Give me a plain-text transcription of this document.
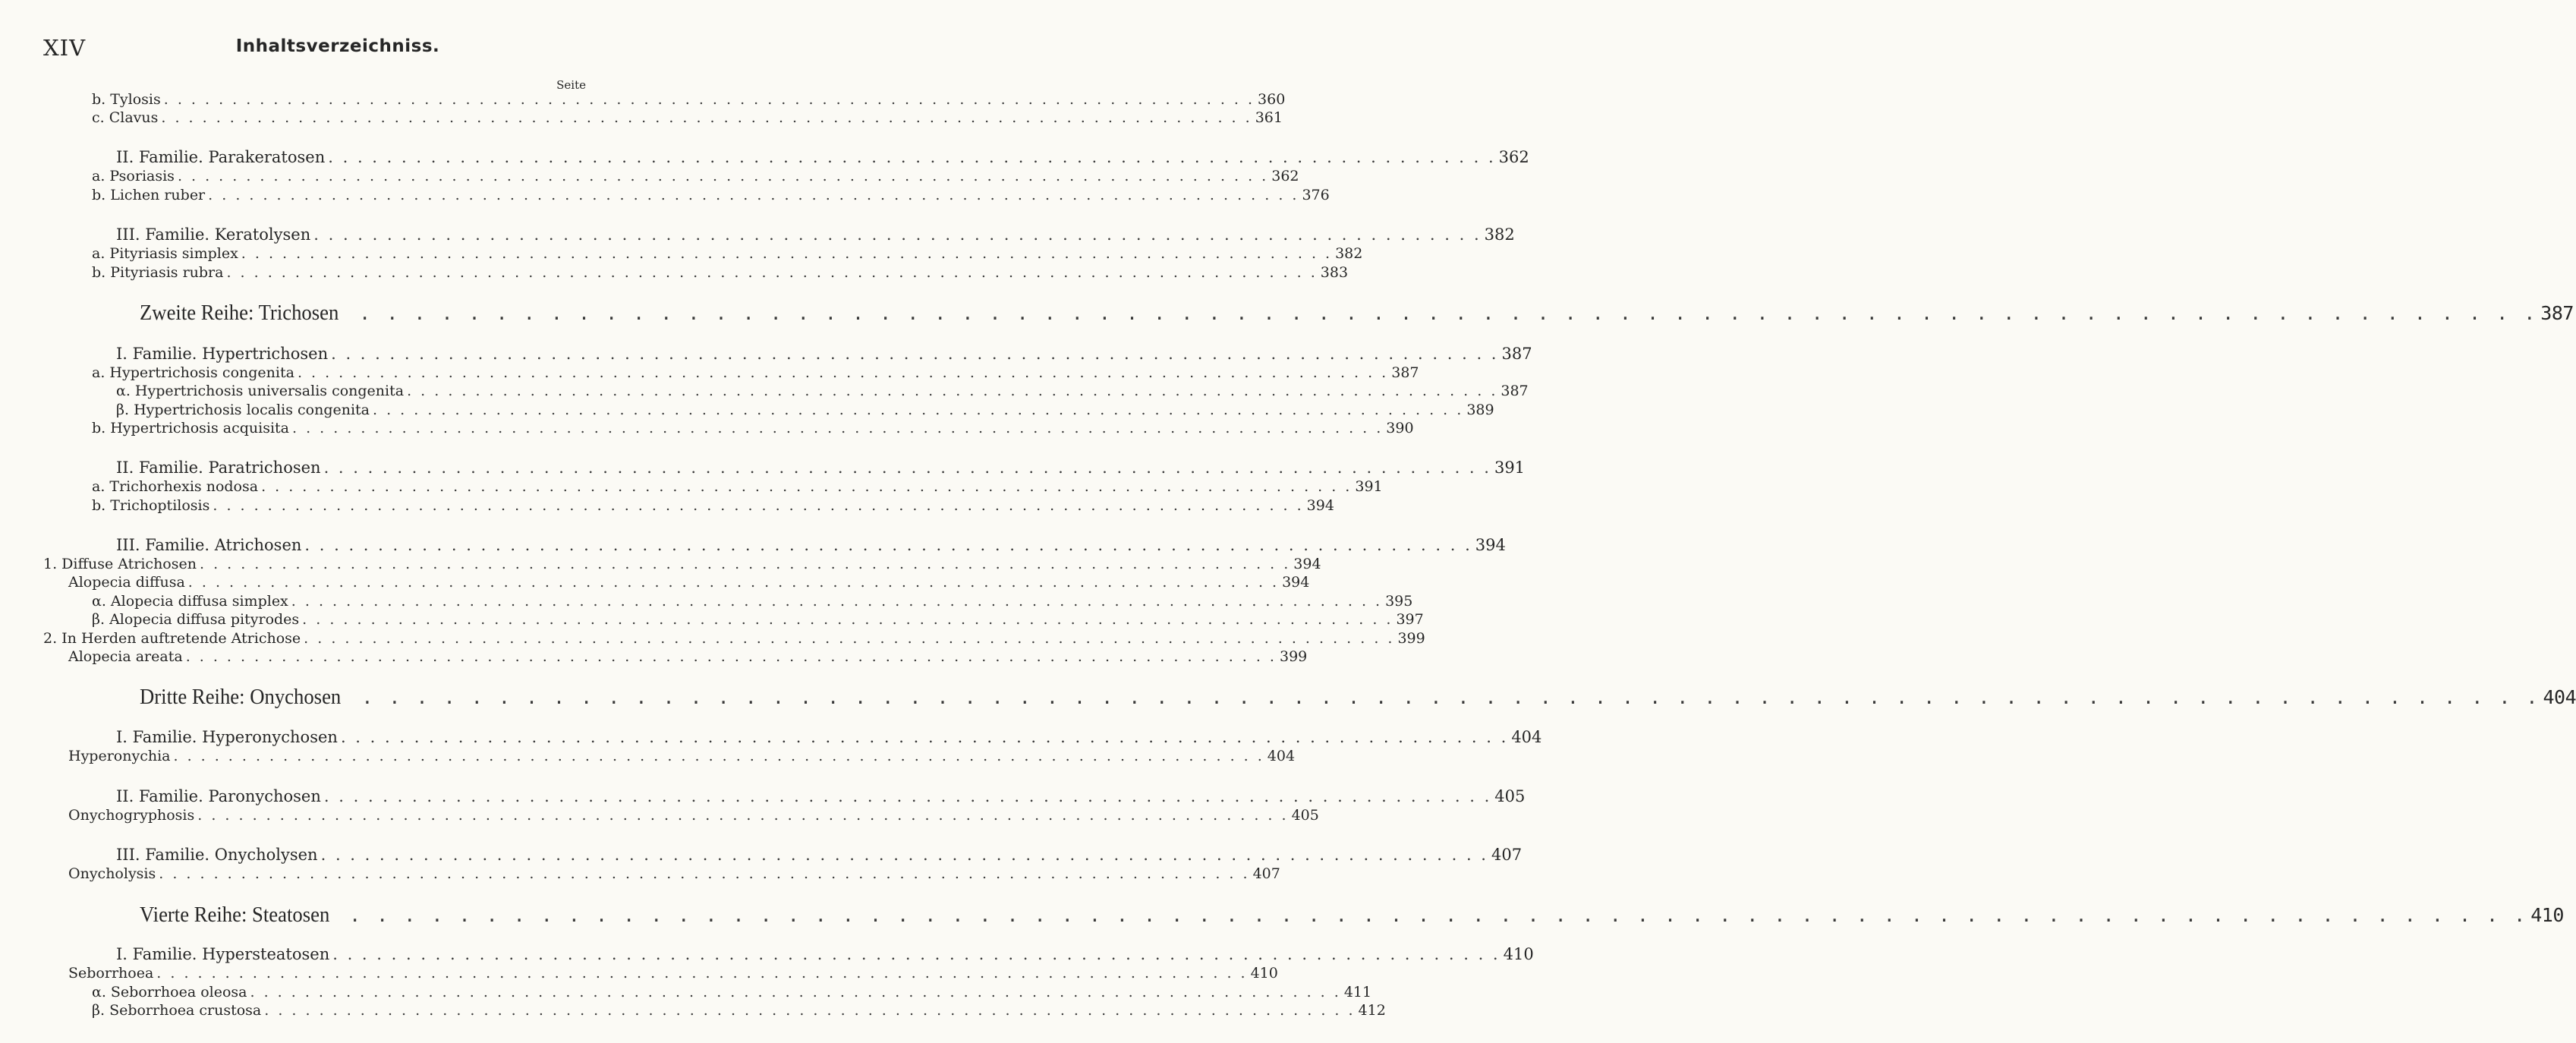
XIV	Inhaltsverzeichniss.
Seite
b. Tylosis . . . . . . . . . . . . . . . . . . . . . . . . . . . . . . . . . . . . . . . . . . . . . . . . . . . . . . . . . . . . . . . . . . . . . . . . . . . . . . . . 360
c. Clavus . . . . . . . . . . . . . . . . . . . . . . . . . . . . . . . . . . . . . . . . . . . . . . . . . . . . . . . . . . . . . . . . . . . . . . . . . . . . . . . . 361
II. Familie. Parakeratosen . . . . . . . . . . . . . . . . . . . . . . . . . . . . . . . . . . . . . . . . . . . . . . . . . . . . . . . . . . . . . . . . . . . . . . . . . . . . . . . . 362
a. Psoriasis . . . . . . . . . . . . . . . . . . . . . . . . . . . . . . . . . . . . . . . . . . . . . . . . . . . . . . . . . . . . . . . . . . . . . . . . . . . . . . . . 362
b. Lichen ruber . . . . . . . . . . . . . . . . . . . . . . . . . . . . . . . . . . . . . . . . . . . . . . . . . . . . . . . . . . . . . . . . . . . . . . . . . . . . . . . . 376
III. Familie. Keratolysen . . . . . . . . . . . . . . . . . . . . . . . . . . . . . . . . . . . . . . . . . . . . . . . . . . . . . . . . . . . . . . . . . . . . . . . . . . . . . . . . 382
a. Pityriasis simplex . . . . . . . . . . . . . . . . . . . . . . . . . . . . . . . . . . . . . . . . . . . . . . . . . . . . . . . . . . . . . . . . . . . . . . . . . . . . . . . . 382
b. Pityriasis rubra . . . . . . . . . . . . . . . . . . . . . . . . . . . . . . . . . . . . . . . . . . . . . . . . . . . . . . . . . . . . . . . . . . . . . . . . . . . . . . . . 383
Zweite Reihe: Trichosen . . . . . . . . . . . . . . . . . . . . . . . . . . . . . . . . . . . . . . . . . . . . . . . . . . . . . . . . . . . . . . . . . . . . . . . . . . . . . . . . 387
I. Familie. Hypertrichosen . . . . . . . . . . . . . . . . . . . . . . . . . . . . . . . . . . . . . . . . . . . . . . . . . . . . . . . . . . . . . . . . . . . . . . . . . . . . . . . . 387
a. Hypertrichosis congenita . . . . . . . . . . . . . . . . . . . . . . . . . . . . . . . . . . . . . . . . . . . . . . . . . . . . . . . . . . . . . . . . . . . . . . . . . . . . . . . . 387
α. Hypertrichosis universalis congenita . . . . . . . . . . . . . . . . . . . . . . . . . . . . . . . . . . . . . . . . . . . . . . . . . . . . . . . . . . . . . . . . . . . . . . . . . . . . . . . . 387
β. Hypertrichosis localis congenita . . . . . . . . . . . . . . . . . . . . . . . . . . . . . . . . . . . . . . . . . . . . . . . . . . . . . . . . . . . . . . . . . . . . . . . . . . . . . . . . 389
b. Hypertrichosis acquisita . . . . . . . . . . . . . . . . . . . . . . . . . . . . . . . . . . . . . . . . . . . . . . . . . . . . . . . . . . . . . . . . . . . . . . . . . . . . . . . . 390
II. Familie. Paratrichosen . . . . . . . . . . . . . . . . . . . . . . . . . . . . . . . . . . . . . . . . . . . . . . . . . . . . . . . . . . . . . . . . . . . . . . . . . . . . . . . . 391
a. Trichorhexis nodosa . . . . . . . . . . . . . . . . . . . . . . . . . . . . . . . . . . . . . . . . . . . . . . . . . . . . . . . . . . . . . . . . . . . . . . . . . . . . . . . . 391
b. Trichoptilosis . . . . . . . . . . . . . . . . . . . . . . . . . . . . . . . . . . . . . . . . . . . . . . . . . . . . . . . . . . . . . . . . . . . . . . . . . . . . . . . . 394
III. Familie. Atrichosen . . . . . . . . . . . . . . . . . . . . . . . . . . . . . . . . . . . . . . . . . . . . . . . . . . . . . . . . . . . . . . . . . . . . . . . . . . . . . . . . 394
1. Diffuse Atrichosen . . . . . . . . . . . . . . . . . . . . . . . . . . . . . . . . . . . . . . . . . . . . . . . . . . . . . . . . . . . . . . . . . . . . . . . . . . . . . . . . 394
Alopecia diffusa . . . . . . . . . . . . . . . . . . . . . . . . . . . . . . . . . . . . . . . . . . . . . . . . . . . . . . . . . . . . . . . . . . . . . . . . . . . . . . . . 394
α. Alopecia diffusa simplex . . . . . . . . . . . . . . . . . . . . . . . . . . . . . . . . . . . . . . . . . . . . . . . . . . . . . . . . . . . . . . . . . . . . . . . . . . . . . . . . 395
β. Alopecia diffusa pityrodes . . . . . . . . . . . . . . . . . . . . . . . . . . . . . . . . . . . . . . . . . . . . . . . . . . . . . . . . . . . . . . . . . . . . . . . . . . . . . . . . 397
2. In Herden auftretende Atrichose . . . . . . . . . . . . . . . . . . . . . . . . . . . . . . . . . . . . . . . . . . . . . . . . . . . . . . . . . . . . . . . . . . . . . . . . . . . . . . . . 399
Alopecia areata . . . . . . . . . . . . . . . . . . . . . . . . . . . . . . . . . . . . . . . . . . . . . . . . . . . . . . . . . . . . . . . . . . . . . . . . . . . . . . . . 399
Dritte Reihe: Onychosen . . . . . . . . . . . . . . . . . . . . . . . . . . . . . . . . . . . . . . . . . . . . . . . . . . . . . . . . . . . . . . . . . . . . . . . . . . . . . . . . 404
I. Familie. Hyperonychosen . . . . . . . . . . . . . . . . . . . . . . . . . . . . . . . . . . . . . . . . . . . . . . . . . . . . . . . . . . . . . . . . . . . . . . . . . . . . . . . . 404
Hyperonychia . . . . . . . . . . . . . . . . . . . . . . . . . . . . . . . . . . . . . . . . . . . . . . . . . . . . . . . . . . . . . . . . . . . . . . . . . . . . . . . . 404
II. Familie. Paronychosen . . . . . . . . . . . . . . . . . . . . . . . . . . . . . . . . . . . . . . . . . . . . . . . . . . . . . . . . . . . . . . . . . . . . . . . . . . . . . . . . 405
Onychogryphosis . . . . . . . . . . . . . . . . . . . . . . . . . . . . . . . . . . . . . . . . . . . . . . . . . . . . . . . . . . . . . . . . . . . . . . . . . . . . . . . . 405
III. Familie. Onycholysen . . . . . . . . . . . . . . . . . . . . . . . . . . . . . . . . . . . . . . . . . . . . . . . . . . . . . . . . . . . . . . . . . . . . . . . . . . . . . . . . 407
Onycholysis . . . . . . . . . . . . . . . . . . . . . . . . . . . . . . . . . . . . . . . . . . . . . . . . . . . . . . . . . . . . . . . . . . . . . . . . . . . . . . . . 407
Vierte Reihe: Steatosen . . . . . . . . . . . . . . . . . . . . . . . . . . . . . . . . . . . . . . . . . . . . . . . . . . . . . . . . . . . . . . . . . . . . . . . . . . . . . . . . 410
I. Familie. Hypersteatosen . . . . . . . . . . . . . . . . . . . . . . . . . . . . . . . . . . . . . . . . . . . . . . . . . . . . . . . . . . . . . . . . . . . . . . . . . . . . . . . . 410
Seborrhoea . . . . . . . . . . . . . . . . . . . . . . . . . . . . . . . . . . . . . . . . . . . . . . . . . . . . . . . . . . . . . . . . . . . . . . . . . . . . . . . . 410
α. Seborrhoea oleosa . . . . . . . . . . . . . . . . . . . . . . . . . . . . . . . . . . . . . . . . . . . . . . . . . . . . . . . . . . . . . . . . . . . . . . . . . . . . . . . . 411
β. Seborrhoea crustosa . . . . . . . . . . . . . . . . . . . . . . . . . . . . . . . . . . . . . . . . . . . . . . . . . . . . . . . . . . . . . . . . . . . . . . . . . . . . . . . . 412
